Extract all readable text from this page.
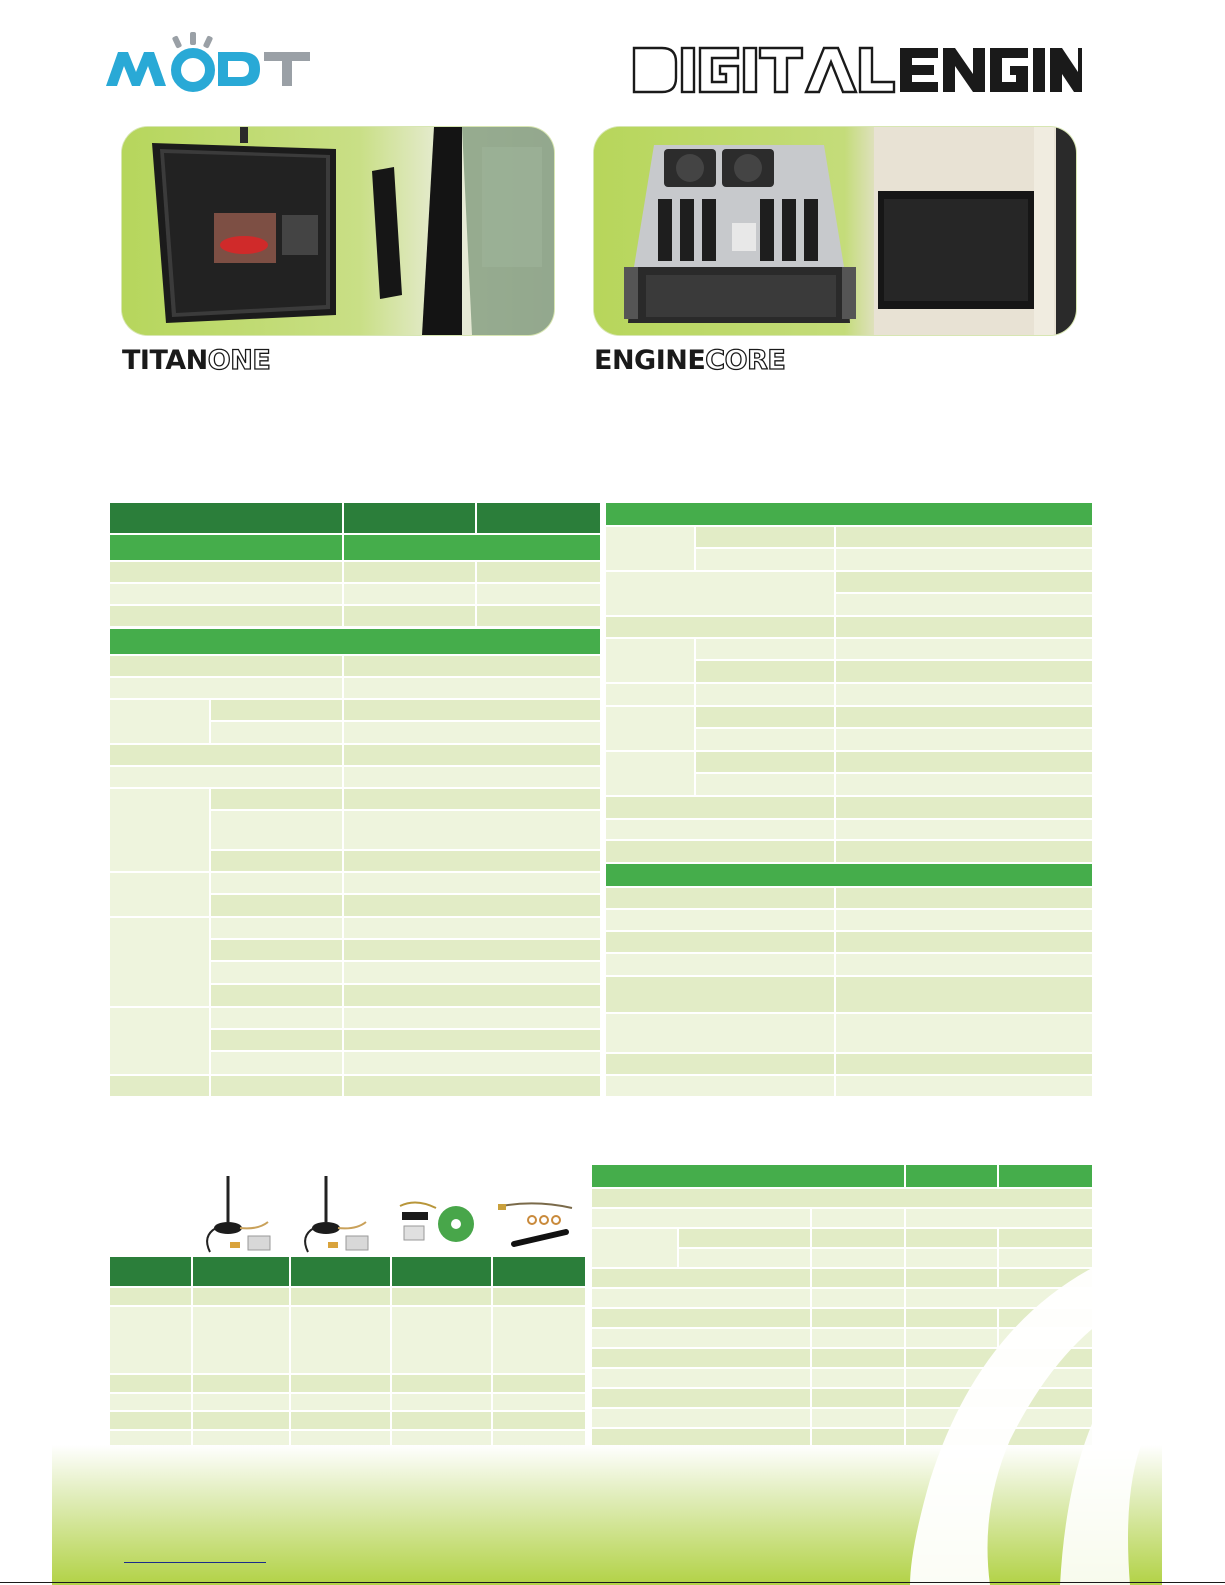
TITANONE	ENGINECORE
